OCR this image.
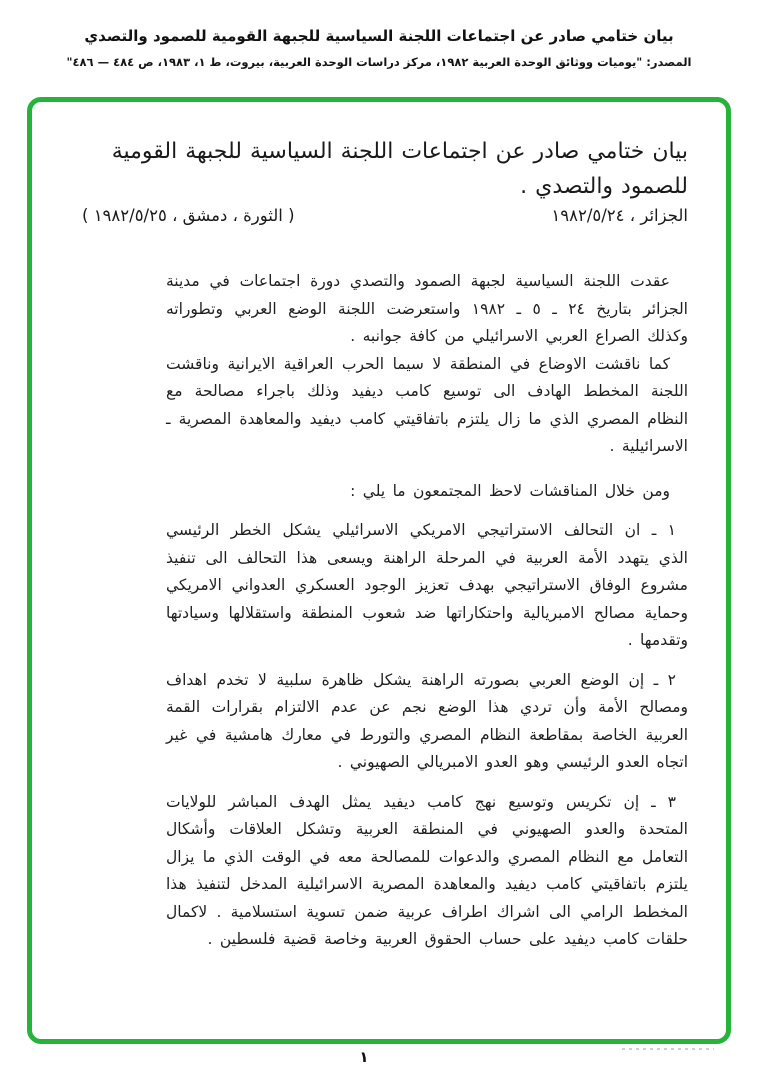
بيان ختامي صادر عن اجتماعات اللجنة السياسية للجبهة القومية للصمود والتصدي
المصدر: "يوميات ووثائق الوحدة العربية ١٩٨٢، مركز دراسات الوحدة العربية، بيروت، ط ١، ١٩٨٣، ص ٤٨٤ — ٤٨٦"
بيان ختامي صادر عن اجتماعات اللجنة السياسية للجبهة القومية للصمود والتصدي .
الجزائر ، ١٩٨٢/٥/٢٤
( الثورة ، دمشق ، ١٩٨٢/٥/٢٥ )

عقدت اللجنة السياسية لجبهة الصمود والتصدي دورة اجتماعات في مدينة الجزائر بتاريخ ٢٤ ـ ٥ ـ ١٩٨٢ واستعرضت اللجنة الوضع العربي وتطوراته وكذلك الصراع العربي الاسرائيلي من كافة جوانبه .

كما ناقشت الاوضاع في المنطقة لا سيما الحرب العراقية الايرانية وناقشت اللجنة المخطط الهادف الى توسيع كامب ديفيد وذلك باجراء مصالحة مع النظام المصري الذي ما زال يلتزم باتفاقيتي كامب ديفيد والمعاهدة المصرية ـ الاسرائيلية .

ومن خلال المناقشات لاحظ المجتمعون ما يلي :

١ ـ ان التحالف الاستراتيجي الامريكي الاسرائيلي يشكل الخطر الرئيسي الذي يتهدد الأمة العربية في المرحلة الراهنة ويسعى هذا التحالف الى تنفيذ مشروع الوفاق الاستراتيجي بهدف تعزيز الوجود العسكري العدواني الامريكي وحماية مصالح الامبريالية واحتكاراتها ضد شعوب المنطقة واستقلالها وسيادتها وتقدمها .

٢ ـ إن الوضع العربي بصورته الراهنة يشكل ظاهرة سلبية لا تخدم اهداف ومصالح الأمة وأن تردي هذا الوضع نجم عن عدم الالتزام بقرارات القمة العربية الخاصة بمقاطعة النظام المصري والتورط في معارك هامشية في غير اتجاه العدو الرئيسي وهو العدو الامبريالي الصهيوني .

٣ ـ إن تكريس وتوسيع نهج كامب ديفيد يمثل الهدف المباشر للولايات المتحدة والعدو الصهيوني في المنطقة العربية وتشكل العلاقات وأشكال التعامل مع النظام المصري والدعوات للمصالحة معه في الوقت الذي ما يزال يلتزم باتفاقيتي كامب ديفيد والمعاهدة المصرية الاسرائيلية المدخل لتنفيذ هذا المخطط الرامي الى اشراك اطراف عربية ضمن تسوية استسلامية . لاكمال حلقات كامب ديفيد على حساب الحقوق العربية وخاصة قضية فلسطين .

١
